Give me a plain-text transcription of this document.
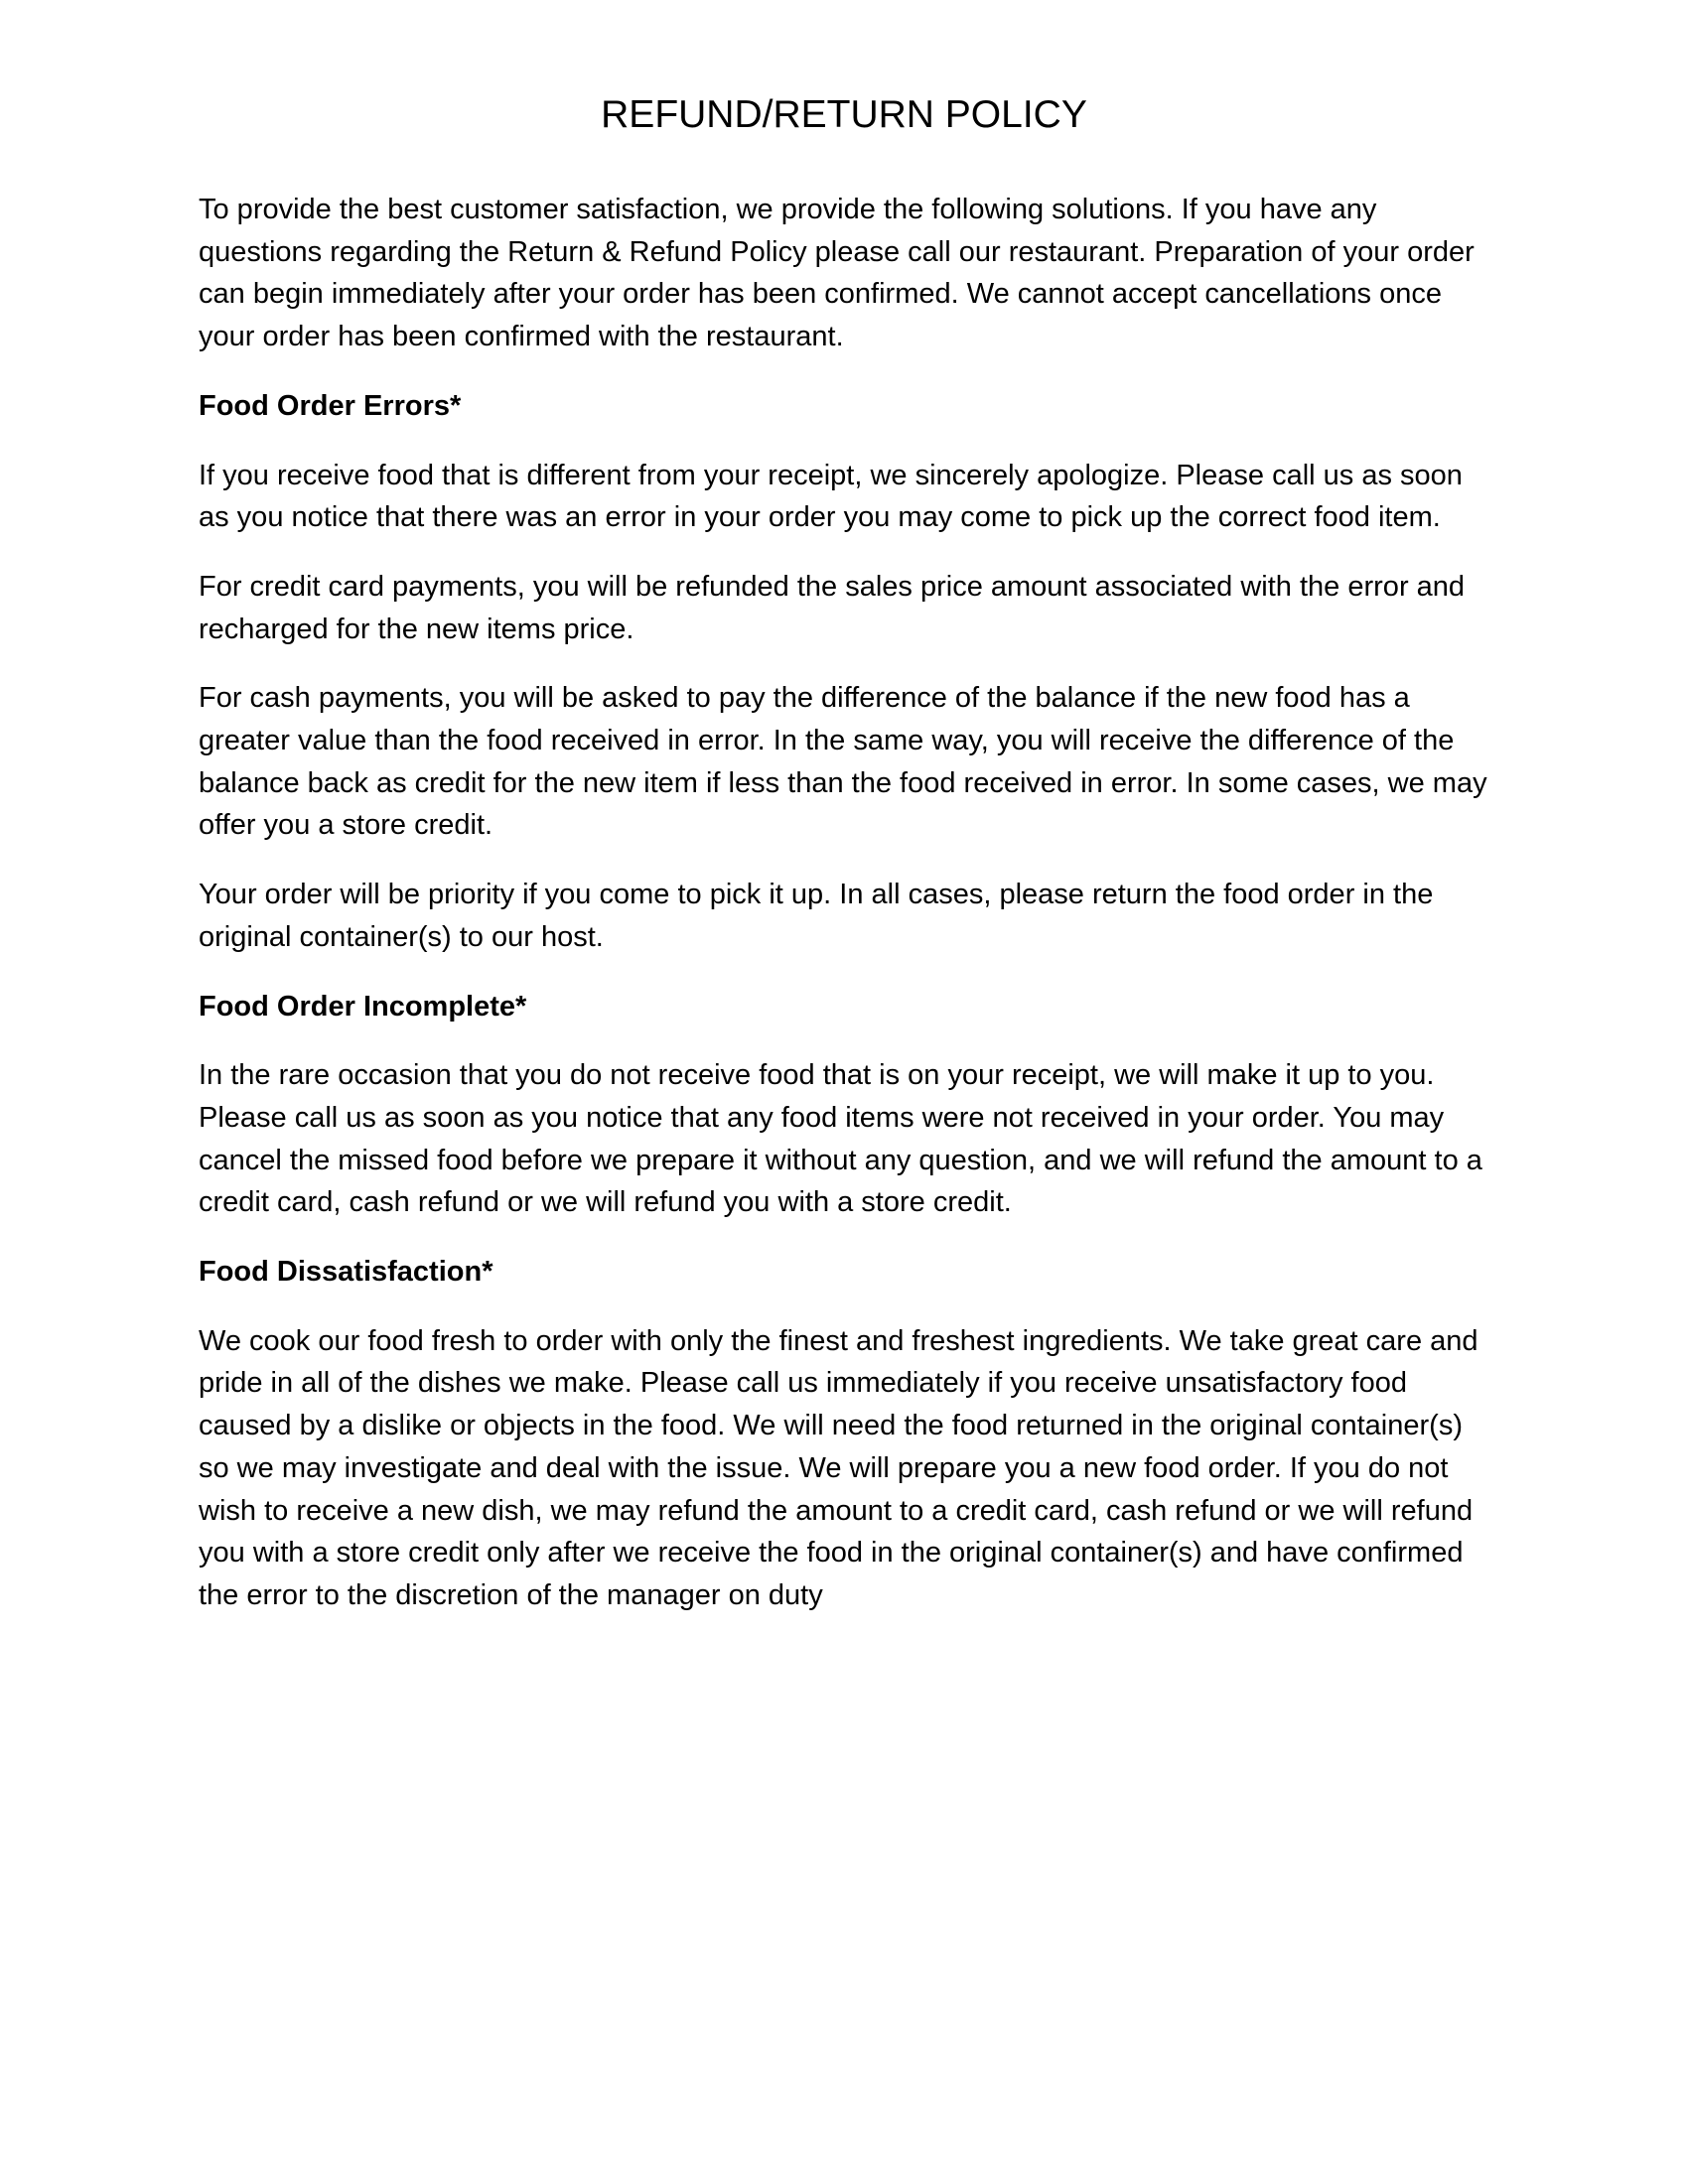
REFUND/RETURN POLICY

To provide the best customer satisfaction, we provide the following solutions. If you have any questions regarding the Return & Refund Policy please call our restaurant. Preparation of your order can begin immediately after your order has been confirmed. We cannot accept cancellations once your order has been confirmed with the restaurant.

Food Order Errors*

If you receive food that is different from your receipt, we sincerely apologize. Please call us as soon as you notice that there was an error in your order you may come to pick up the correct food item.

For credit card payments, you will be refunded the sales price amount associated with the error and recharged for the new items price.

For cash payments, you will be asked to pay the difference of the balance if the new food has a greater value than the food received in error. In the same way, you will receive the difference of the balance back as credit for the new item if less than the food received in error. In some cases, we may offer you a store credit.

Your order will be priority if you come to pick it up. In all cases, please return the food order in the original container(s) to our host.

Food Order Incomplete*

In the rare occasion that you do not receive food that is on your receipt, we will make it up to you. Please call us as soon as you notice that any food items were not received in your order. You may cancel the missed food before we prepare it without any question, and we will refund the amount to a credit card, cash refund or we will refund you with a store credit.

Food Dissatisfaction*

We cook our food fresh to order with only the finest and freshest ingredients. We take great care and pride in all of the dishes we make. Please call us immediately if you receive unsatisfactory food caused by a dislike or objects in the food. We will need the food returned in the original container(s) so we may investigate and deal with the issue. We will prepare you a new food order. If you do not wish to receive a new dish, we may refund the amount to a credit card, cash refund or we will refund you with a store credit only after we receive the food in the original container(s) and have confirmed the error to the discretion of the manager on duty
